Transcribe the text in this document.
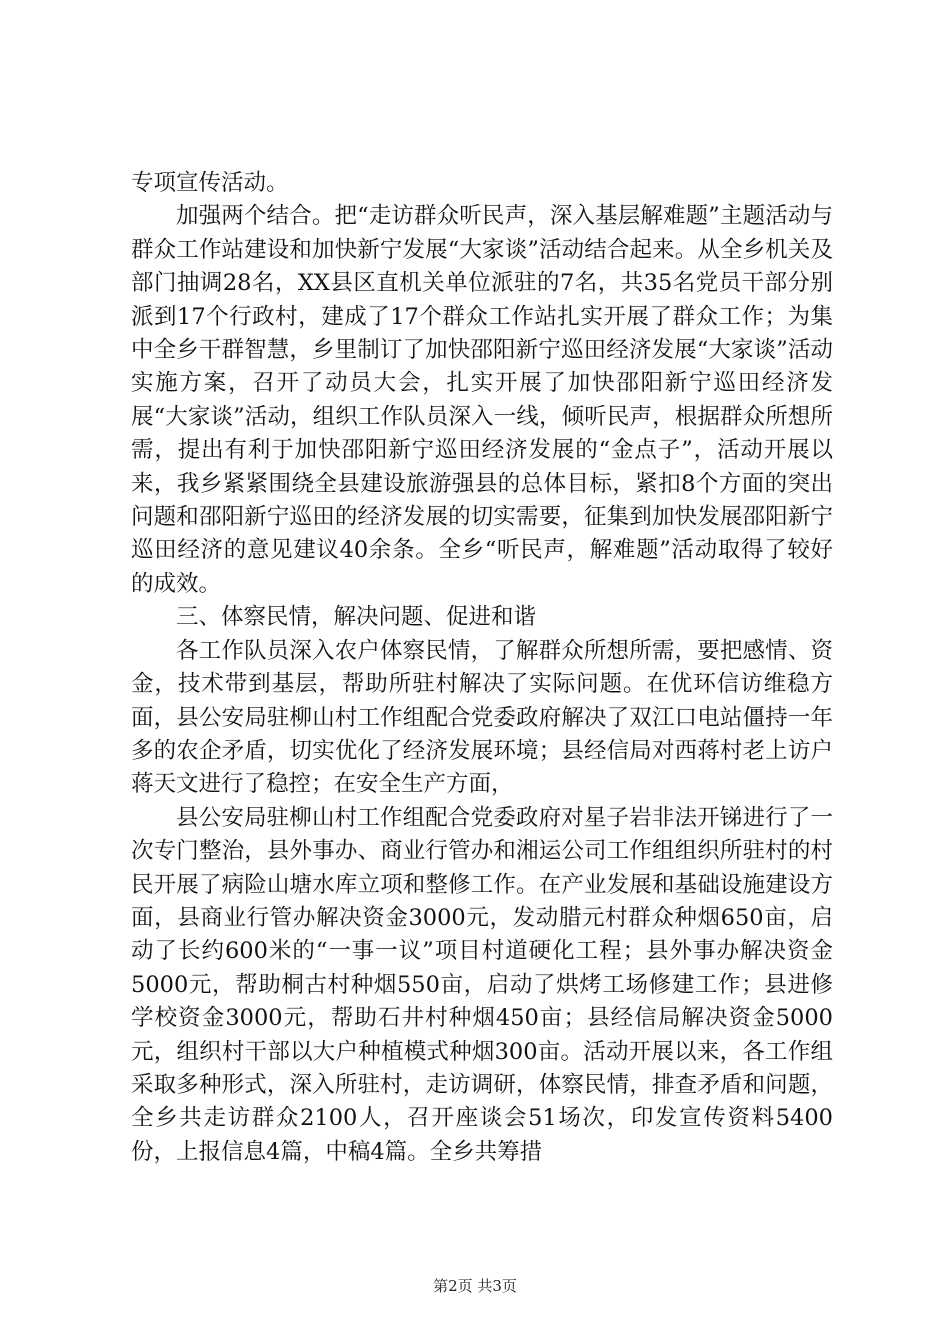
专项宣传活动。

加强两个结合。把“走访群众听民声，深入基层解难题”主题活动与群众工作站建设和加快新宁发展“大家谈”活动结合起来。从全乡机关及部门抽调28名，XX县区直机关单位派驻的7名，共35名党员干部分别派到17个行政村，建成了17个群众工作站扎实开展了群众工作；为集中全乡干群智慧，乡里制订了加快邵阳新宁巡田经济发展“大家谈”活动实施方案，召开了动员大会，扎实开展了加快邵阳新宁巡田经济发展“大家谈”活动，组织工作队员深入一线，倾听民声，根据群众所想所需，提出有利于加快邵阳新宁巡田经济发展的“金点子”，活动开展以来，我乡紧紧围绕全县建设旅游强县的总体目标，紧扣8个方面的突出问题和邵阳新宁巡田的经济发展的切实需要，征集到加快发展邵阳新宁巡田经济的意见建议40余条。全乡“听民声，解难题”活动取得了较好的成效。

三、体察民情，解决问题、促进和谐

各工作队员深入农户体察民情，了解群众所想所需，要把感情、资金，技术带到基层，帮助所驻村解决了实际问题。在优环信访维稳方面，县公安局驻柳山村工作组配合党委政府解决了双江口电站僵持一年多的农企矛盾，切实优化了经济发展环境；县经信局对西蒋村老上访户蒋天文进行了稳控；在安全生产方面，

县公安局驻柳山村工作组配合党委政府对星子岩非法开锑进行了一次专门整治，县外事办、商业行管办和湘运公司工作组组织所驻村的村民开展了病险山塘水库立项和整修工作。在产业发展和基础设施建设方面，县商业行管办解决资金3000元，发动腊元村群众种烟650亩，启动了长约600米的“一事一议”项目村道硬化工程；县外事办解决资金5000元，帮助桐古村种烟550亩，启动了烘烤工场修建工作；县进修学校资金3000元，帮助石井村种烟450亩；县经信局解决资金5000元，组织村干部以大户种植模式种烟300亩。活动开展以来，各工作组采取多种形式，深入所驻村，走访调研，体察民情，排查矛盾和问题，全乡共走访群众2100人，召开座谈会51场次，印发宣传资料5400份，上报信息4篇，中稿4篇。全乡共筹措

第2页 共3页
